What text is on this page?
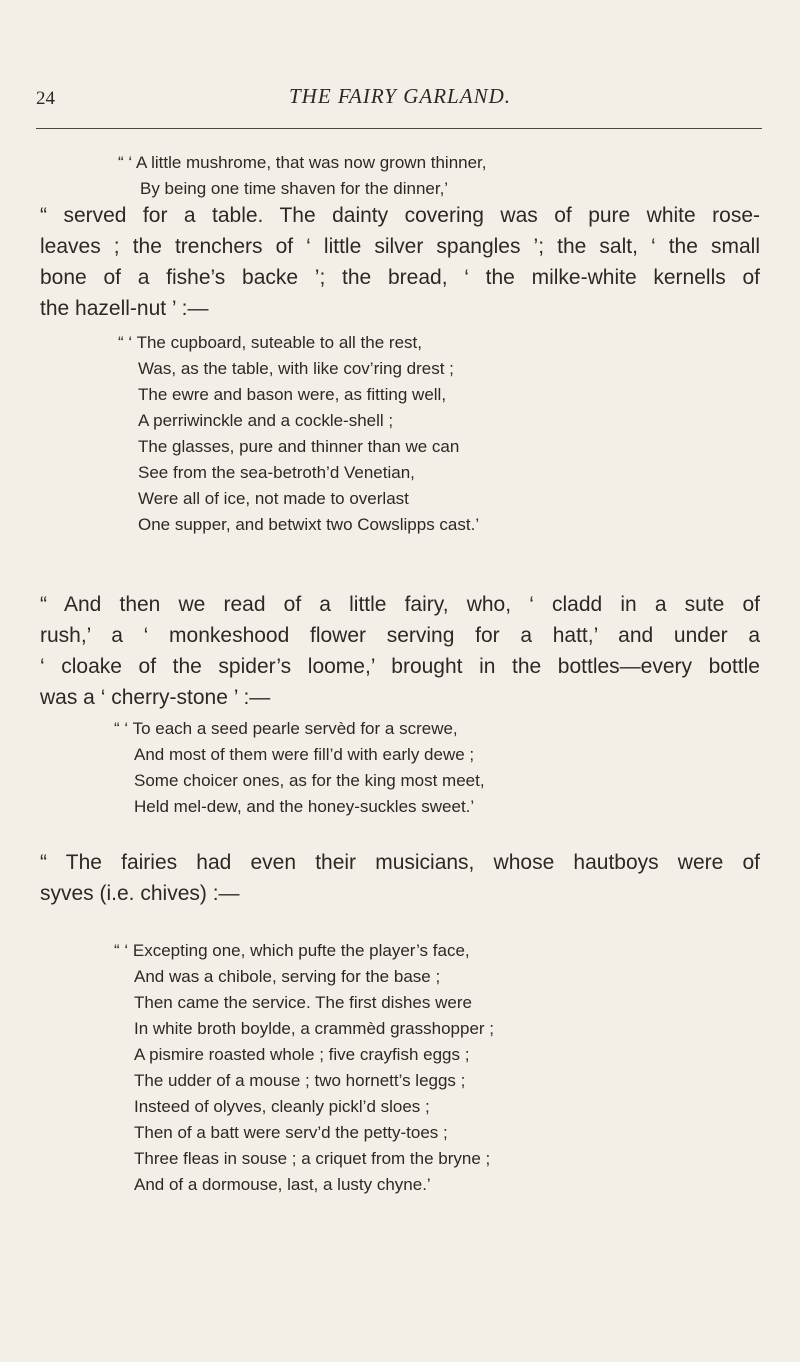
24	THE FAIRY GARLAND.
“ ‘ A little mushrome, that was now grown thinner,
By being one time shaven for the dinner,’
“ served for a table. The dainty covering was of pure white rose-
leaves ; the trenchers of ‘ little silver spangles ’; the salt, ‘ the small
bone of a fishe’s backe ’; the bread, ‘ the milke-white kernells of
the hazell-nut ’ :—
“ ‘ The cupboard, suteable to all the rest,
Was, as the table, with like cov’ring drest ;
The ewre and bason were, as fitting well,
A perriwinckle and a cockle-shell ;
The glasses, pure and thinner than we can
See from the sea-betroth’d Venetian,
Were all of ice, not made to overlast
One supper, and betwixt two Cowslipps cast.’
“ And then we read of a little fairy, who, ‘ cladd in a sute of
rush,’ a ‘ monkeshood flower serving for a hatt,’ and under a
‘ cloake of the spider’s loome,’ brought in the bottles—every bottle
was a ‘ cherry-stone ’ :—
“ ‘ To each a seed pearle servèd for a screwe,
And most of them were fill’d with early dewe ;
Some choicer ones, as for the king most meet,
Held mel-dew, and the honey-suckles sweet.’
“ The fairies had even their musicians, whose hautboys were of
syves (i.e. chives) :—
“ ‘ Excepting one, which pufte the player’s face,
And was a chibole, serving for the base ;
Then came the service. The first dishes were
In white broth boylde, a crammèd grasshopper ;
A pismire roasted whole ; five crayfish eggs ;
The udder of a mouse ; two hornett’s leggs ;
Insteed of olyves, cleanly pickl’d sloes ;
Then of a batt were serv’d the petty-toes ;
Three fleas in souse ; a criquet from the bryne ;
And of a dormouse, last, a lusty chyne.’
